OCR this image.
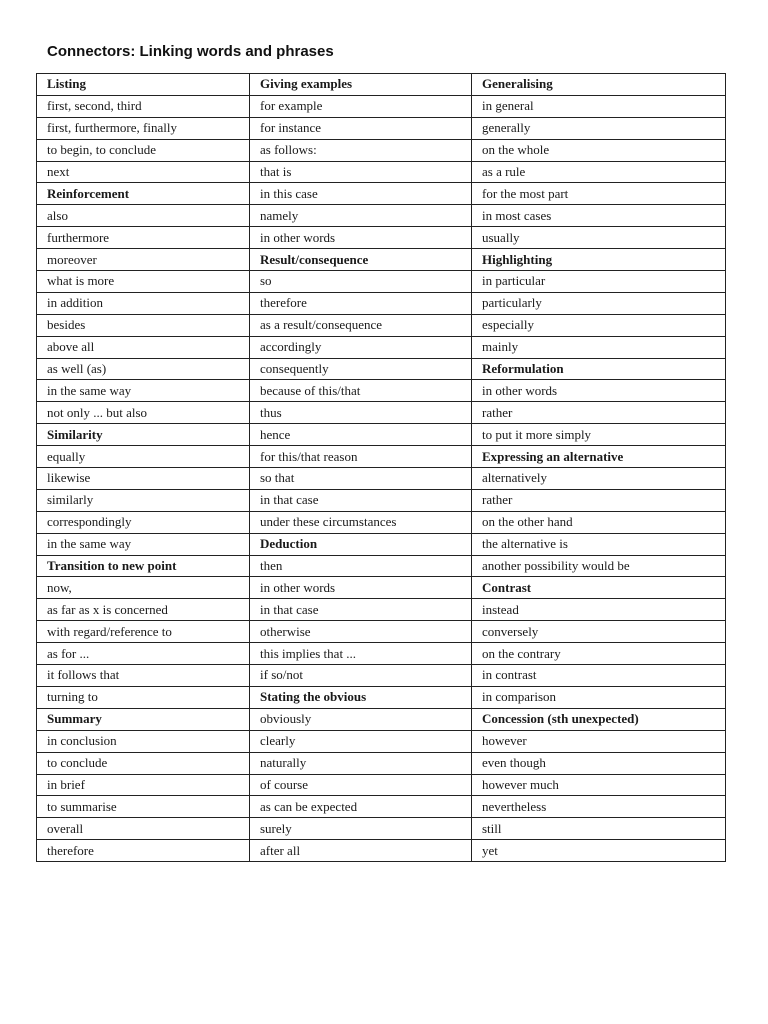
Connectors: Linking words and phrases
Listing	Giving examples	Generalising
first, second, third	for example	in general
first, furthermore, finally	for instance	generally
to begin, to conclude	as follows:	on the whole
next	that is	as a rule
Reinforcement	in this case	for the most part
also	namely	in most cases
furthermore	in other words	usually
moreover	Result/consequence	Highlighting
what is more	so	in particular
in addition	therefore	particularly
besides	as a result/consequence	especially
above all	accordingly	mainly
as well (as)	consequently	Reformulation
in the same way	because of this/that	in other words
not only ... but also	thus	rather
Similarity	hence	to put it more simply
equally	for this/that reason	Expressing an alternative
likewise	so that	alternatively
similarly	in that case	rather
correspondingly	under these circumstances	on the other hand
in the same way	Deduction	the alternative is
Transition to new point	then	another possibility would be
now,	in other words	Contrast
as far as x is concerned	in that case	instead
with regard/reference to	otherwise	conversely
as for ...	this implies that ...	on the contrary
it follows that	if so/not	in contrast
turning to	Stating the obvious	in comparison
Summary	obviously	Concession (sth unexpected)
in conclusion	clearly	however
to conclude	naturally	even though
in brief	of course	however much
to summarise	as can be expected	nevertheless
overall	surely	still
therefore	after all	yet
